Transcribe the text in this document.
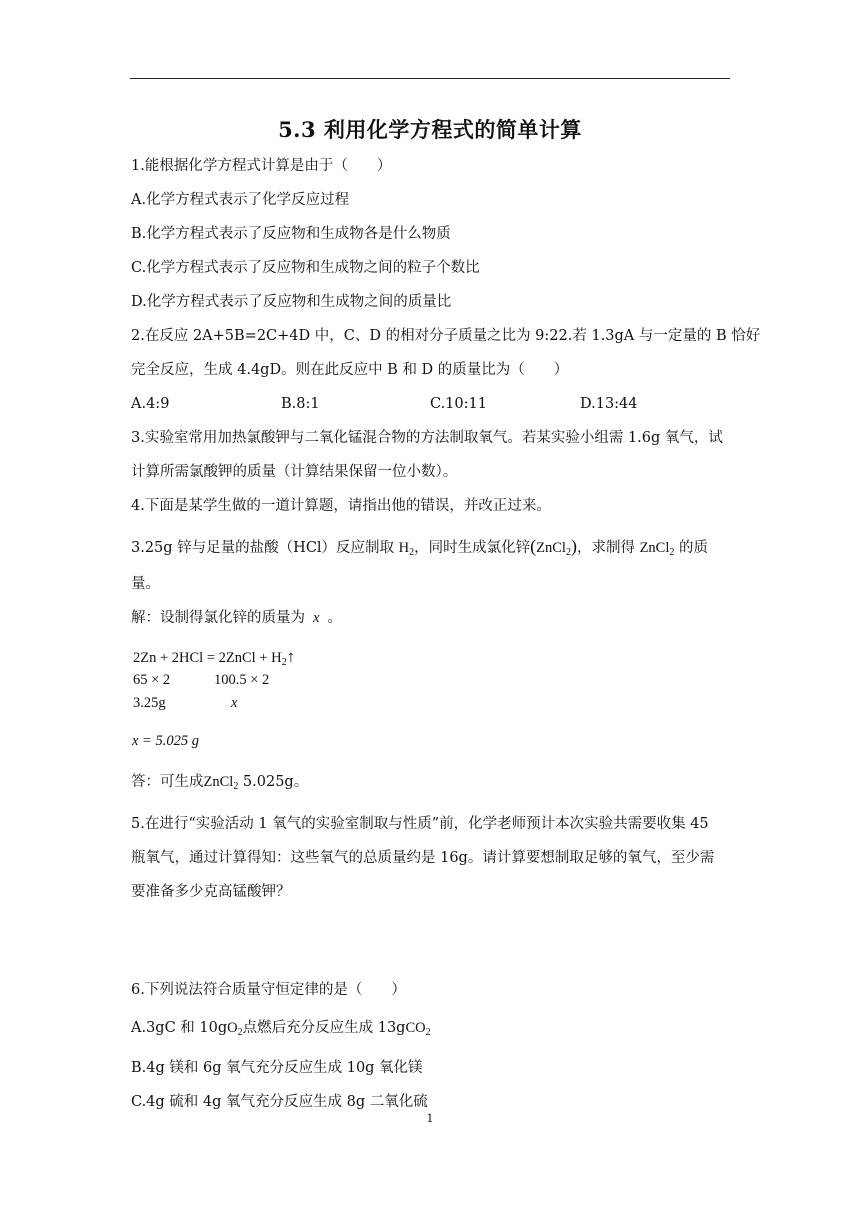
5.3 利用化学方程式的简单计算
1.能根据化学方程式计算是由于（　　）
A.化学方程式表示了化学反应过程
B.化学方程式表示了反应物和生成物各是什么物质
C.化学方程式表示了反应物和生成物之间的粒子个数比
D.化学方程式表示了反应物和生成物之间的质量比
2.在反应 2A+5B=2C+4D 中，C、D 的相对分子质量之比为 9:22.若 1.3gA 与一定量的 B 恰好
完全反应，生成 4.4gD。则在此反应中 B 和 D 的质量比为（　　）
A.4:9	B.8:1	C.10:11	D.13:44
3.实验室常用加热氯酸钾与二氧化锰混合物的方法制取氧气。若某实验小组需 1.6g 氧气，试
计算所需氯酸钾的质量（计算结果保留一位小数）。
4.下面是某学生做的一道计算题，请指出他的错误，并改正过来。
3.25g 锌与足量的盐酸（HCl）反应制取 $H_2$，同时生成氯化锌(ZnCl$_2$)，求制得 ZnCl$_2$ 的质
量。
解：设制得氯化锌的质量为 x 。
2Zn + 2HCl = 2ZnCl + $H_2↑$
65 × 2	100.5 × 2
3.25g	x
x = 5.025 g
答：可生成ZnCl$_2$ 5.025g。
5.在进行“实验活动 1 氧气的实验室制取与性质”前，化学老师预计本次实验共需要收集 45
瓶氧气，通过计算得知：这些氧气的总质量约是 16g。请计算要想制取足够的氧气，至少需
要准备多少克高锰酸钾？
6.下列说法符合质量守恒定律的是（　　）
A.3gC 和 $10gO_2$点燃后充分反应生成 13gCO$_2$
B.4g 镁和 6g 氧气充分反应生成 10g 氧化镁
C.4g 硫和 4g 氧气充分反应生成 8g 二氧化硫
1
